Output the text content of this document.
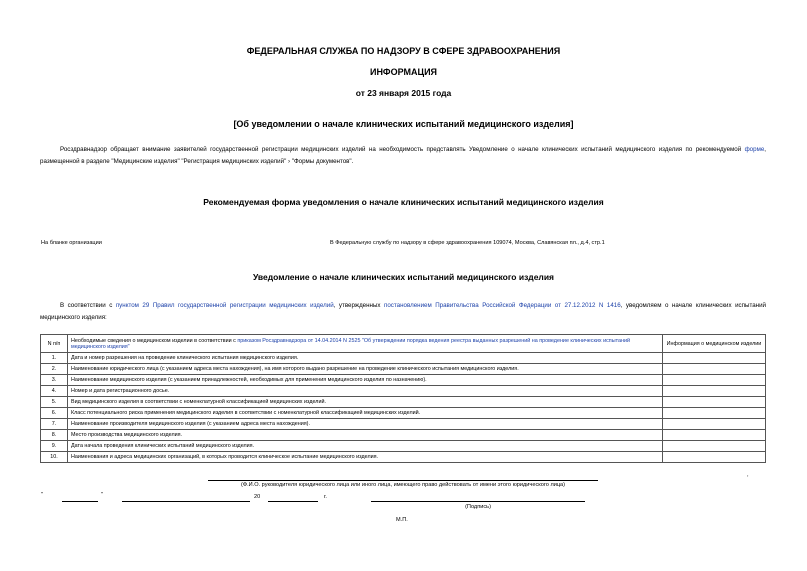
ФЕДЕРАЛЬНАЯ СЛУЖБА ПО НАДЗОРУ В СФЕРЕ ЗДРАВООХРАНЕНИЯ
ИНФОРМАЦИЯ
от 23 января 2015 года
[Об уведомлении о начале клинических испытаний медицинского изделия]
Росздравнадзор обращает внимание заявителей государственной регистрации медицинских изделий на необходимость представлять Уведомление о начале клинических испытаний медицинского изделия по рекомендуемой форме, размещенной в разделе "Медицинские изделия" "Регистрация медицинских изделий" › "Формы документов".
Рекомендуемая форма уведомления о начале клинических испытаний медицинского изделия
На бланке организации	В Федеральную службу по надзору в сфере здравоохранения 109074, Москва, Славянская пл., д.4, стр.1
Уведомление о начале клинических испытаний медицинского изделия
В соответствии с пунктом 29 Правил государственной регистрации медицинских изделий, утвержденных постановлением Правительства Российской Федерации от 27.12.2012 N 1416, уведомляем о начале клинических испытаний медицинского изделия:
N п/п	Необходимые сведения о медицинском изделии в соответствии с приказом Росздравнадзора от 14.04.2014 N 2525 "Об утверждении порядка ведения реестра выданных разрешений на проведение клинических испытаний медицинского изделия"	Информация о медицинском изделии
1.	Дата и номер разрешения на проведение клинического испытания медицинского изделия.	
2.	Наименование юридического лица (с указанием адреса места нахождения), на имя которого выдано разрешение на проведение клинического испытания медицинского изделия.	
3.	Наименование медицинского изделия (с указанием принадлежностей, необходимых для применения медицинского изделия по назначению).	
4.	Номер и дата регистрационного досье.	
5.	Вид медицинского изделия в соответствии с номенклатурной классификацией медицинских изделий.	
6.	Класс потенциального риска применения медицинского изделия в соответствии с номенклатурной классификацией медицинских изделий.	
7.	Наименование производителя медицинского изделия (с указанием адреса места нахождения).	
8.	Место производства медицинского изделия.	
9.	Дата начала проведения клинических испытаний медицинского изделия.	
10.	Наименования и адреса медицинских организаций, в которых проводится клиническое испытание медицинского изделия.	
,
(Ф.И.О. руководителя юридического лица или иного лица, имеющего право действовать от имени этого юридического лица)
"	"	20	г.
(Подпись)
М.П.
